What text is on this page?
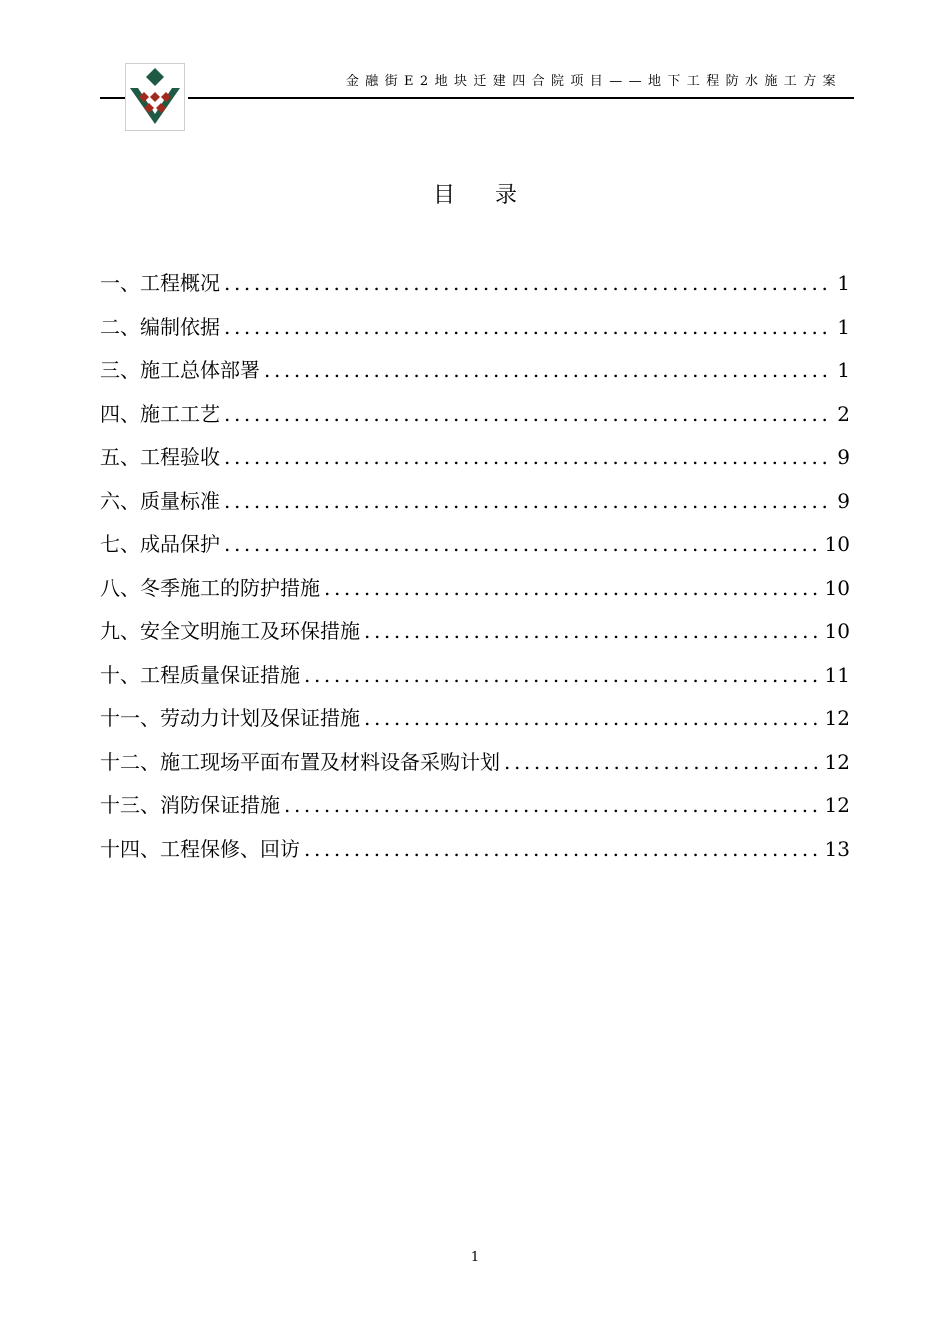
金融街E2地块迁建四合院项目——地下工程防水施工方案
目录
一、工程概况 .....	1
二、编制依据 .....	1
三、施工总体部署 .....	1
四、施工工艺 .....	2
五、工程验收 .....	9
六、质量标准 .....	9
七、成品保护 .....	10
八、冬季施工的防护措施 .....	10
九、安全文明施工及环保措施 .....	10
十、工程质量保证措施 .....	11
十一、劳动力计划及保证措施 .....	12
十二、施工现场平面布置及材料设备采购计划 .....	12
十三、消防保证措施 .....	12
十四、工程保修、回访 .....	13
1
